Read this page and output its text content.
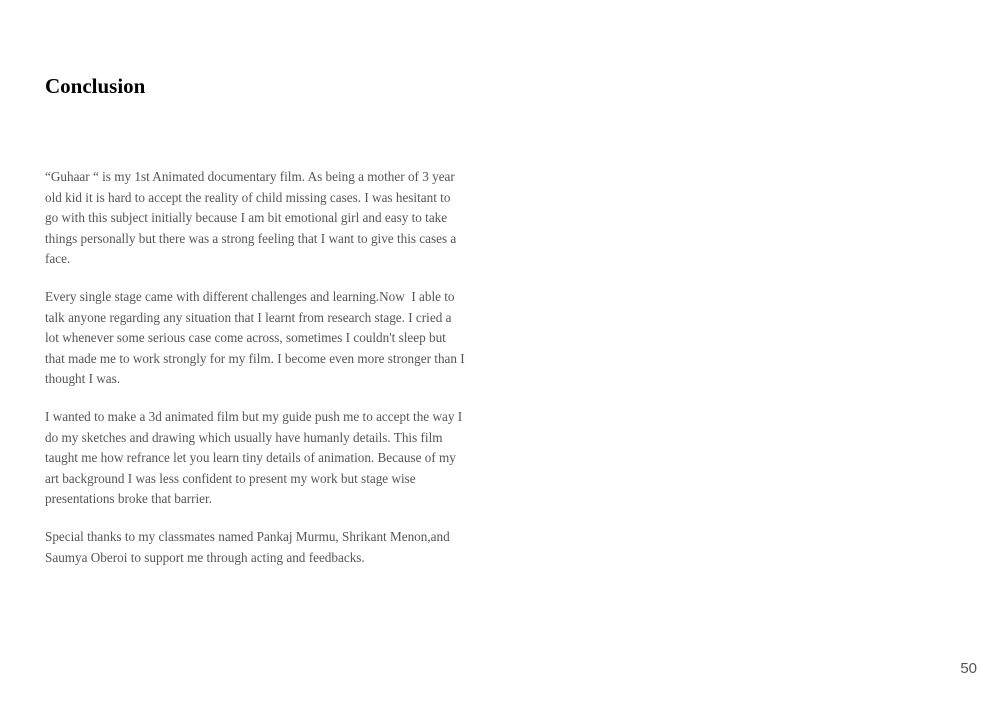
Conclusion

“Guhaar “ is my 1st Animated documentary film. As being a mother of 3 year old kid it is hard to accept the reality of child missing cases. I was hesitant to go with this subject initially because I am bit emotional girl and easy to take things personally but there was a strong feeling that I want to give this cases a face.

Every single stage came with different challenges and learning.Now  I able to talk anyone regarding any situation that I learnt from research stage. I cried a lot whenever some serious case come across, sometimes I couldn't sleep but that made me to work strongly for my film. I become even more stronger than I thought I was.

I wanted to make a 3d animated film but my guide push me to accept the way I do my sketches and drawing which usually have humanly details. This film taught me how refrance let you learn tiny details of animation. Because of my art background I was less confident to present my work but stage wise presentations broke that barrier.

Special thanks to my classmates named Pankaj Murmu, Shrikant Menon,and Saumya Oberoi to support me through acting and feedbacks.

50
